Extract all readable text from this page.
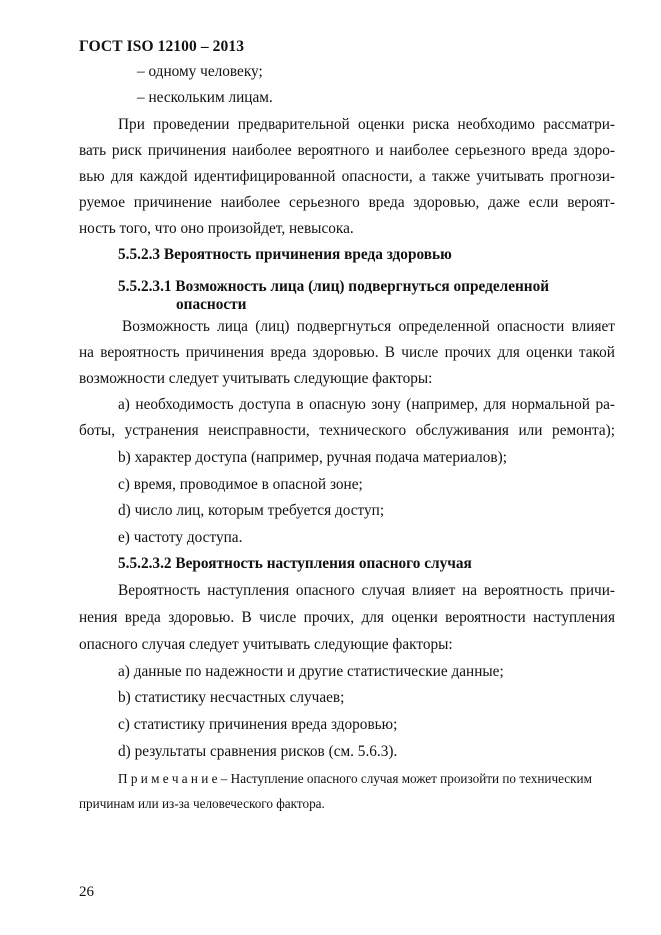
ГОСТ ISO 12100 – 2013
– одному человеку;
– нескольким лицам.
При проведении предварительной оценки риска необходимо рассматри-
вать риск причинения наиболее вероятного и наиболее серьезного вреда здоро-
вью для каждой идентифицированной опасности, а также учитывать прогнози-
руемое причинение наиболее серьезного вреда здоровью, даже если вероят-
ность того, что оно произойдет, невысока.
5.5.2.3 Вероятность причинения вреда здоровью
5.5.2.3.1 Возможность лица (лиц) подвергнуться определенной
опасности
Возможность лица (лиц) подвергнуться определенной опасности влияет
на вероятность причинения вреда здоровью. В числе прочих для оценки такой
возможности следует учитывать следующие факторы:
a) необходимость доступа в опасную зону (например, для нормальной ра-
боты, устранения неисправности, технического обслуживания или ремонта);
b) характер доступа (например, ручная подача материалов);
c) время, проводимое в опасной зоне;
d) число лиц, которым требуется доступ;
e) частоту доступа.
5.5.2.3.2 Вероятность наступления опасного случая
Вероятность наступления опасного случая влияет на вероятность причи-
нения вреда здоровью. В числе прочих, для оценки вероятности наступления
опасного случая следует учитывать следующие факторы:
a) данные по надежности и другие статистические данные;
b) статистику несчастных случаев;
c) статистику причинения вреда здоровью;
d) результаты сравнения рисков (см. 5.6.3).
П р и м е ч а н и е – Наступление опасного случая может произойти по техническим
причинам или из-за человеческого фактора.
26
